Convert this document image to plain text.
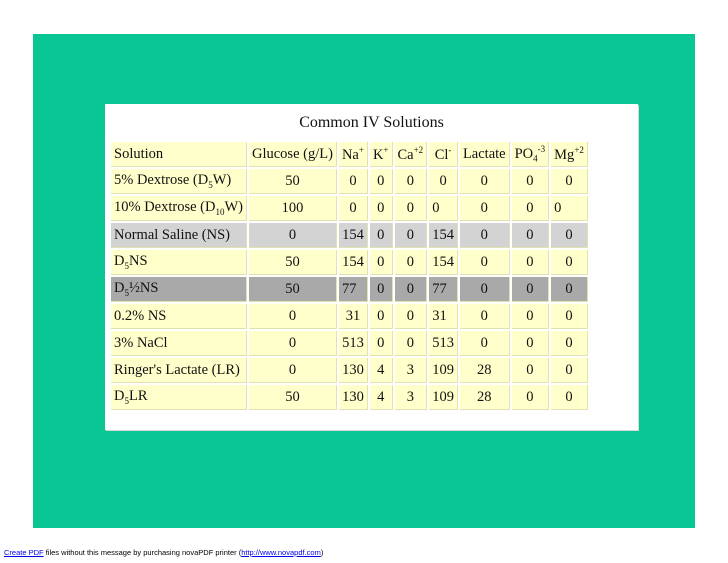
Common IV Solutions
Solution	Glucose (g/L)	Na+	K+	$Ca^{+2}$	Cl-	Lactate	$PO_4^{-3}$	$Mg^{+2}$
5% Dextrose $(D_5W)$	50	0	0	0	0	0	0	0
10% Dextrose $(D_{10}W)$	100	0	0	0	0	0	0	0
Normal Saline (NS)	0	154	0	0	154	0	0	0
$D_5NS$	50	154	0	0	154	0	0	0
$D_5\frac{1}{2}NS$	50	77	0	0	77	0	0	0
0.2% NS	0	31	0	0	31	0	0	0
3% NaCl	0	513	0	0	513	0	0	0
Ringer's Lactate (LR)	0	130	4	3	109	28	0	0
$D_5LR$	50	130	4	3	109	28	0	0
Create PDF files without this message by purchasing novaPDF printer (http://www.novapdf.com)
